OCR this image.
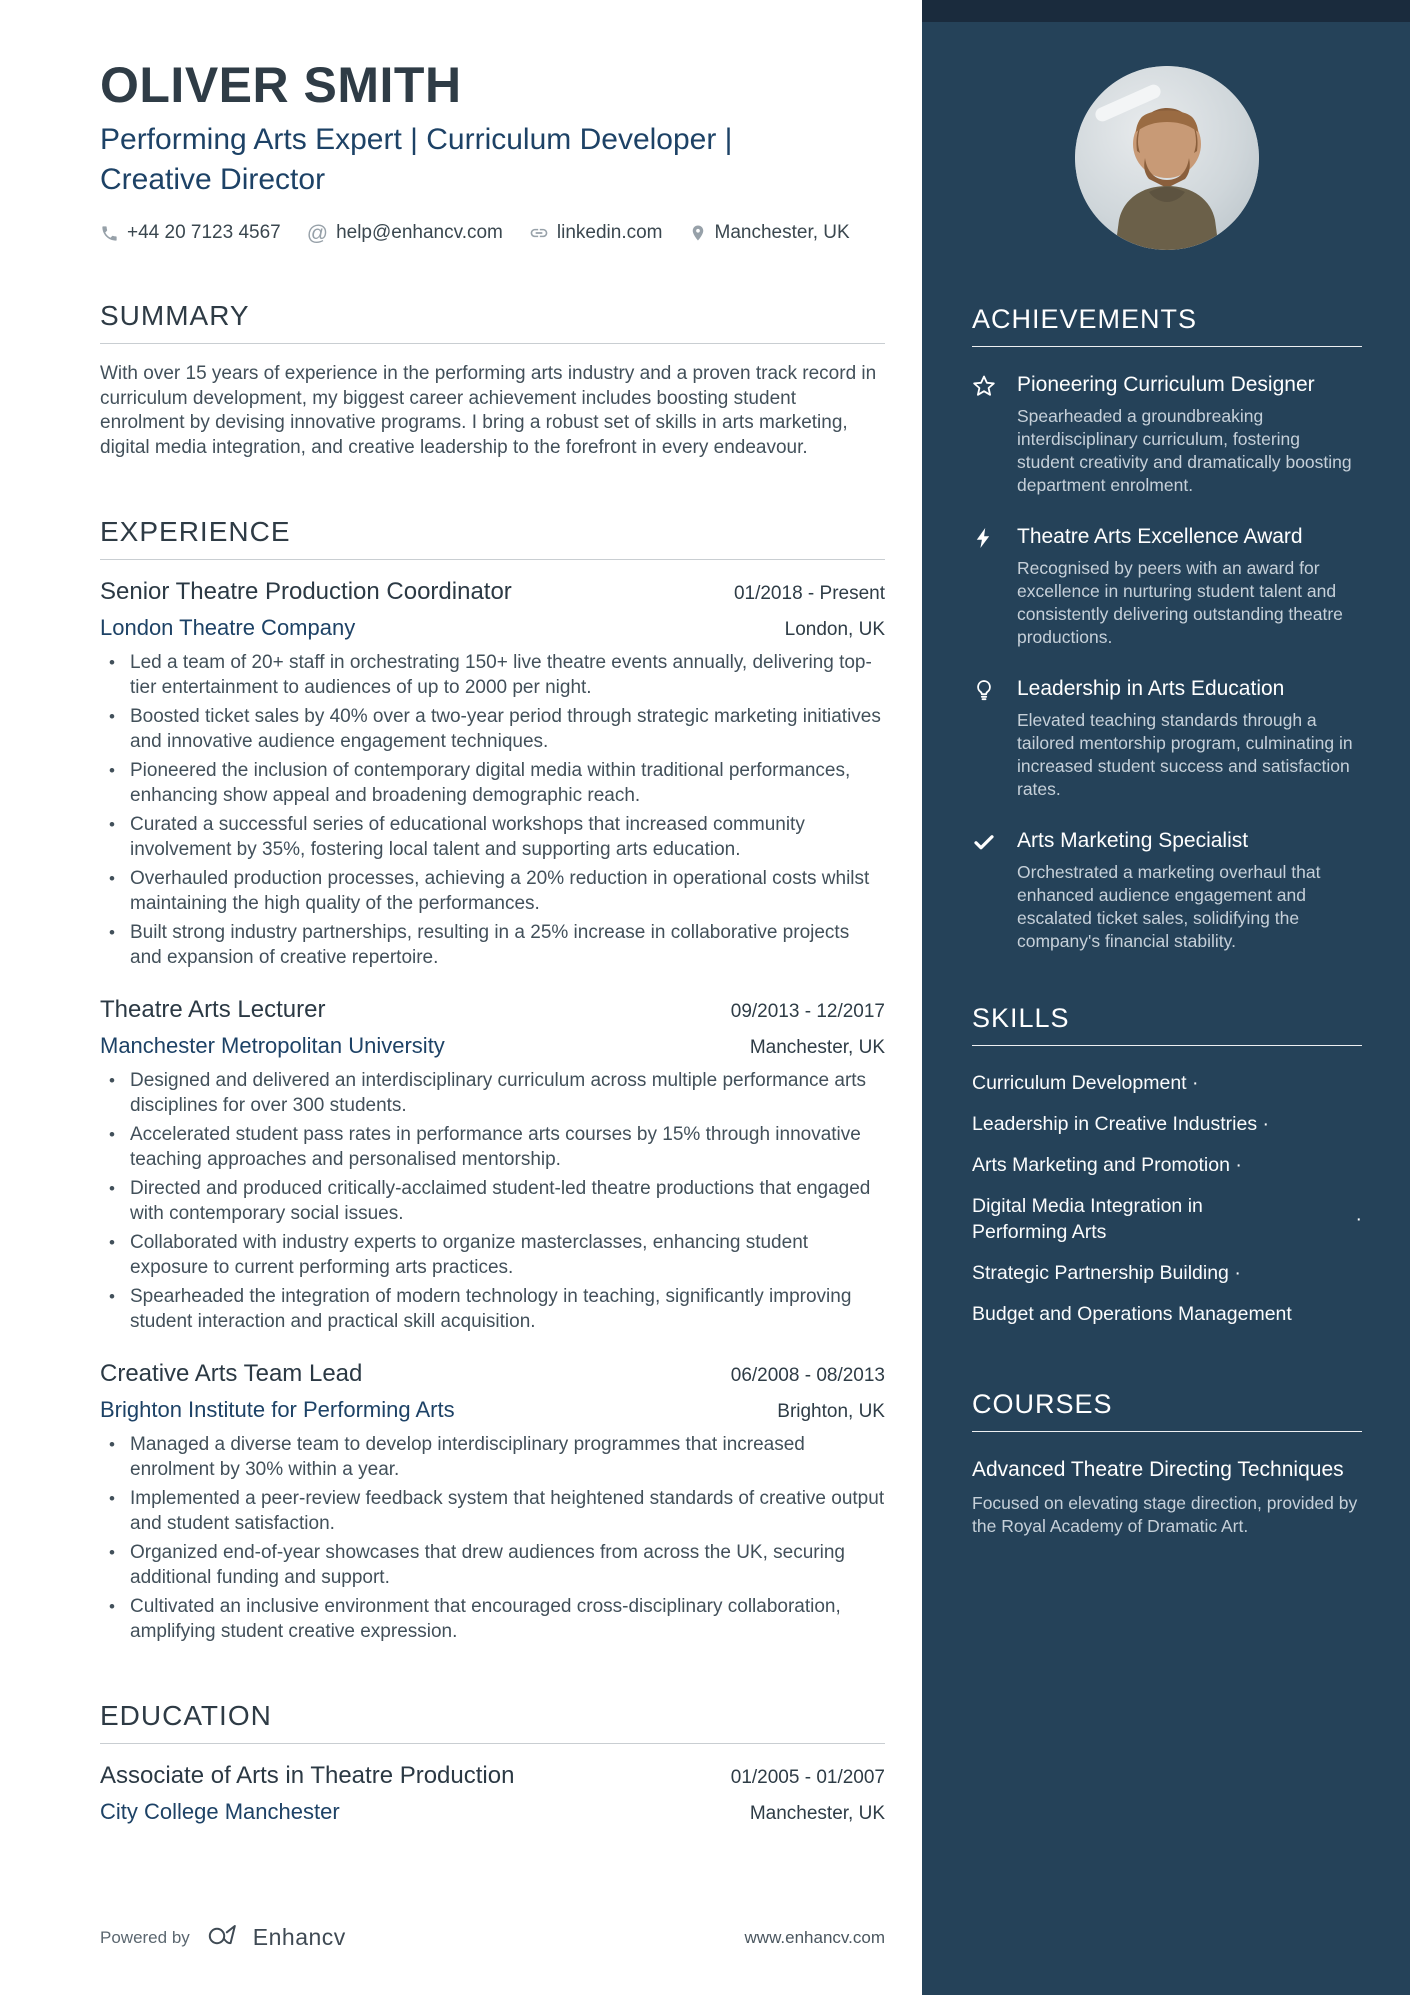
OLIVER SMITH
Performing Arts Expert | Curriculum Developer | Creative Director
+44 20 7123 4567 @ help@enhancv.com	linkedin.com	Manchester, UK
SUMMARY
With over 15 years of experience in the performing arts industry and a proven track record in curriculum development, my biggest career achievement includes boosting student enrolment by devising innovative programs. I bring a robust set of skills in arts marketing, digital media integration, and creative leadership to the forefront in every endeavour.
EXPERIENCE
Senior Theatre Production Coordinator	01/2018 - Present
London Theatre Company	London, UK
• Led a team of 20+ staff in orchestrating 150+ live theatre events annually, delivering top-tier entertainment to audiences of up to 2000 per night.
• Boosted ticket sales by 40% over a two-year period through strategic marketing initiatives and innovative audience engagement techniques.
• Pioneered the inclusion of contemporary digital media within traditional performances, enhancing show appeal and broadening demographic reach.
• Curated a successful series of educational workshops that increased community involvement by 35%, fostering local talent and supporting arts education.
• Overhauled production processes, achieving a 20% reduction in operational costs whilst maintaining the high quality of the performances.
• Built strong industry partnerships, resulting in a 25% increase in collaborative projects and expansion of creative repertoire.
Theatre Arts Lecturer	09/2013 - 12/2017
Manchester Metropolitan University	Manchester, UK
• Designed and delivered an interdisciplinary curriculum across multiple performance arts disciplines for over 300 students.
• Accelerated student pass rates in performance arts courses by 15% through innovative teaching approaches and personalised mentorship.
• Directed and produced critically-acclaimed student-led theatre productions that engaged with contemporary social issues.
• Collaborated with industry experts to organize masterclasses, enhancing student exposure to current performing arts practices.
• Spearheaded the integration of modern technology in teaching, significantly improving student interaction and practical skill acquisition.
Creative Arts Team Lead	06/2008 - 08/2013
Brighton Institute for Performing Arts	Brighton, UK
• Managed a diverse team to develop interdisciplinary programmes that increased enrolment by 30% within a year.
• Implemented a peer-review feedback system that heightened standards of creative output and student satisfaction.
• Organized end-of-year showcases that drew audiences from across the UK, securing additional funding and support.
• Cultivated an inclusive environment that encouraged cross-disciplinary collaboration, amplifying student creative expression.
EDUCATION
Associate of Arts in Theatre Production	01/2005 - 01/2007
City College Manchester	Manchester, UK
ACHIEVEMENTS
Pioneering Curriculum Designer
Spearheaded a groundbreaking interdisciplinary curriculum, fostering student creativity and dramatically boosting department enrolment.
Theatre Arts Excellence Award
Recognised by peers with an award for excellence in nurturing student talent and consistently delivering outstanding theatre productions.
Leadership in Arts Education
Elevated teaching standards through a tailored mentorship program, culminating in increased student success and satisfaction rates.
Arts Marketing Specialist
Orchestrated a marketing overhaul that enhanced audience engagement and escalated ticket sales, solidifying the company's financial stability.
SKILLS
Curriculum Development ·
Leadership in Creative Industries ·
Arts Marketing and Promotion ·
Digital Media Integration in Performing Arts
·
Strategic Partnership Building ·
Budget and Operations Management
COURSES
Advanced Theatre Directing Techniques
Focused on elevating stage direction, provided by the Royal Academy of Dramatic Art.
Powered by	Enhancv	www.enhancv.com
